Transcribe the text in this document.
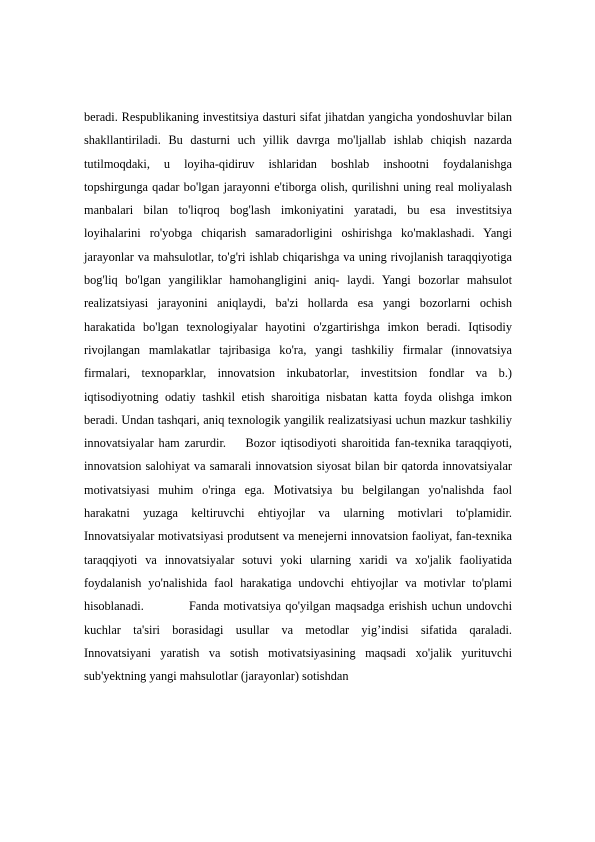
beradi. Respublikaning investitsiya dasturi sifat jihatdan yangicha yondoshuvlar bilan shakllantiriladi. Bu dasturni uch yillik davrga mo'ljallab ishlab chiqish nazarda tutilmoqdaki, u loyiha-qidiruv ishlaridan boshlab inshootni foydalanishga topshirgunga qadar bo'lgan jarayonni e'tiborga olish, qurilishni uning real moliyalash manbalari bilan to'liqroq bog'lash imkoniyatini yaratadi, bu esa investitsiya loyihalarini ro'yobga chiqarish samaradorligini oshirishga ko'maklashadi. Yangi jarayonlar va mahsulotlar, to'g'ri ishlab chiqarishga va uning rivojlanish taraqqiyotiga bog'liq bo'lgan yangiliklar hamohangligini aniq- laydi. Yangi bozorlar mahsulot realizatsiyasi jarayonini aniqlaydi, ba'zi hollarda esa yangi bozorlarni ochish harakatida bo'lgan texnologiyalar hayotini o'zgartirishga imkon beradi. Iqtisodiy rivojlangan mamlakatlar tajribasiga ko'ra, yangi tashkiliy firmalar (innovatsiya firmalari, texnoparklar, innovatsion inkubatorlar, investitsion fondlar va b.) iqtisodiyotning odatiy tashkil etish sharoitiga nisbatan katta foyda olishga imkon beradi. Undan tashqari, aniq texnologik yangilik realizatsiyasi uchun mazkur tashkiliy innovatsiyalar ham zarurdir.    Bozor iqtisodiyoti sharoitida fan-texnika taraqqiyoti, innovatsion salohiyat va samarali innovatsion siyosat bilan bir qatorda innovatsiyalar motivatsiyasi muhim o'ringa ega. Motivatsiya bu belgilangan yo'nalishda faol harakatni yuzaga keltiruvchi ehtiyojlar va ularning motivlari to'plamidir. Innovatsiyalar motivatsiyasi produtsent va menejerni innovatsion faoliyat, fan-texnika taraqqiyoti va innovatsiyalar sotuvi yoki ularning xaridi va xo'jalik faoliyatida foydalanish yo'nalishida faol harakatiga undovchi ehtiyojlar va motivlar to'plami hisoblanadi.          Fanda motivatsiya qo'yilgan maqsadga erishish uchun undovchi kuchlar ta'siri borasidagi usullar va metodlar yig’indisi sifatida qaraladi.       Innovatsiyani yaratish va sotish motivatsiyasining maqsadi xo'jalik yurituvchi sub'yektning yangi mahsulotlar (jarayonlar) sotishdan
